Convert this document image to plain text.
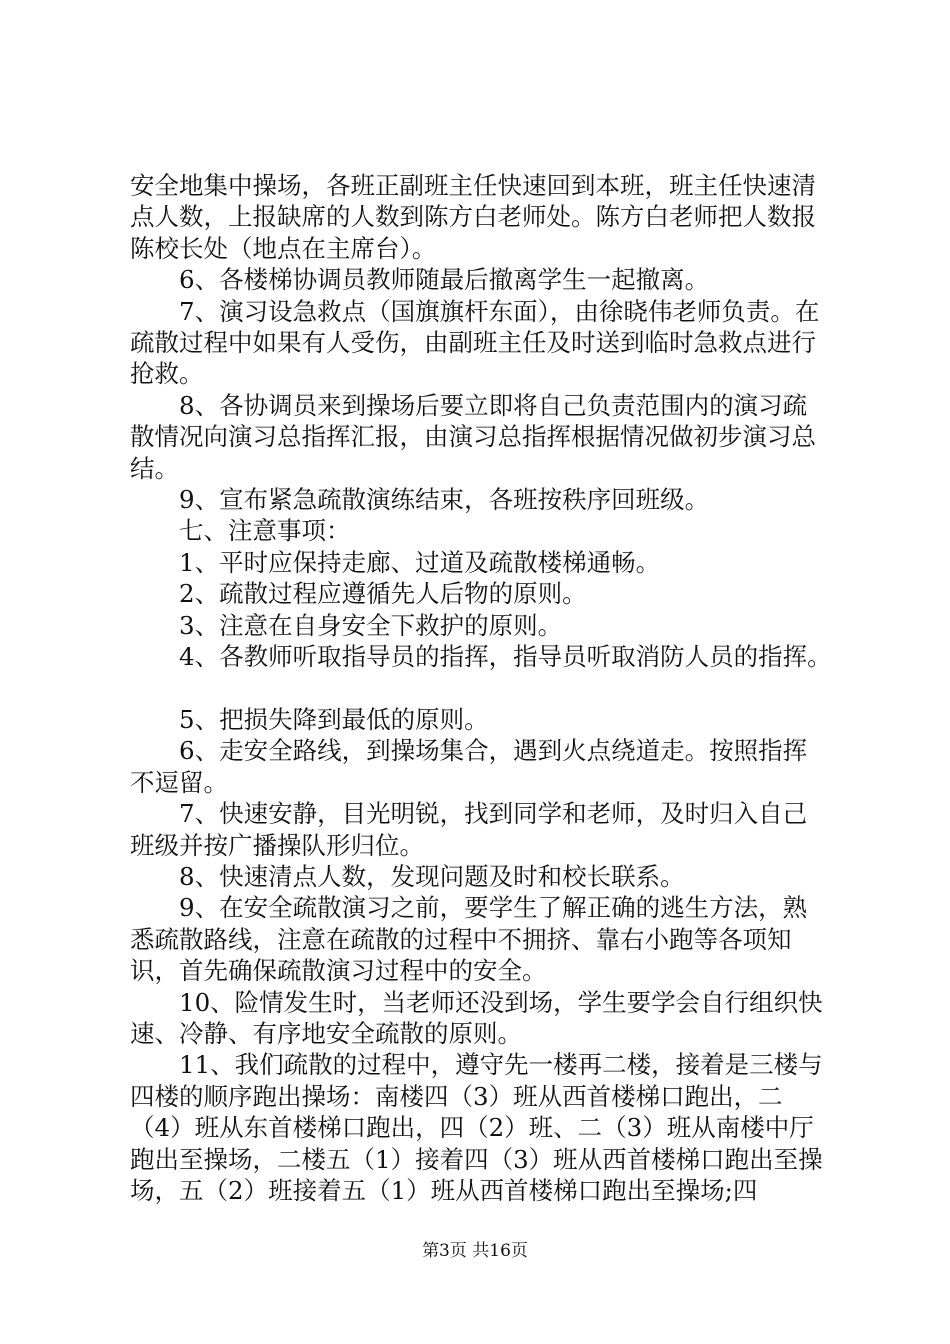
安全地集中操场，各班正副班主任快速回到本班，班主任快速清点人数，上报缺席的人数到陈方白老师处。陈方白老师把人数报陈校长处（地点在主席台）。

6、各楼梯协调员教师随最后撤离学生一起撤离。

7、演习设急救点（国旗旗杆东面），由徐晓伟老师负责。在疏散过程中如果有人受伤，由副班主任及时送到临时急救点进行抢救。

8、各协调员来到操场后要立即将自己负责范围内的演习疏散情况向演习总指挥汇报，由演习总指挥根据情况做初步演习总结。

9、宣布紧急疏散演练结束，各班按秩序回班级。

七、注意事项：

1、平时应保持走廊、过道及疏散楼梯通畅。

2、疏散过程应遵循先人后物的原则。

3、注意在自身安全下救护的原则。

4、各教师听取指导员的指挥，指导员听取消防人员的指挥。

5、把损失降到最低的原则。

6、走安全路线，到操场集合，遇到火点绕道走。按照指挥不逗留。

7、快速安静，目光明锐，找到同学和老师，及时归入自己班级并按广播操队形归位。

8、快速清点人数，发现问题及时和校长联系。

9、在安全疏散演习之前，要学生了解正确的逃生方法，熟悉疏散路线，注意在疏散的过程中不拥挤、靠右小跑等各项知识，首先确保疏散演习过程中的安全。

10、险情发生时，当老师还没到场，学生要学会自行组织快速、冷静、有序地安全疏散的原则。

11、我们疏散的过程中，遵守先一楼再二楼，接着是三楼与四楼的顺序跑出操场：南楼四（3）班从西首楼梯口跑出，二（4）班从东首楼梯口跑出，四（2）班、二（3）班从南楼中厅跑出至操场，二楼五（1）接着四（3）班从西首楼梯口跑出至操场，五（2）班接着五（1）班从西首楼梯口跑出至操场;四

第3页 共16页
